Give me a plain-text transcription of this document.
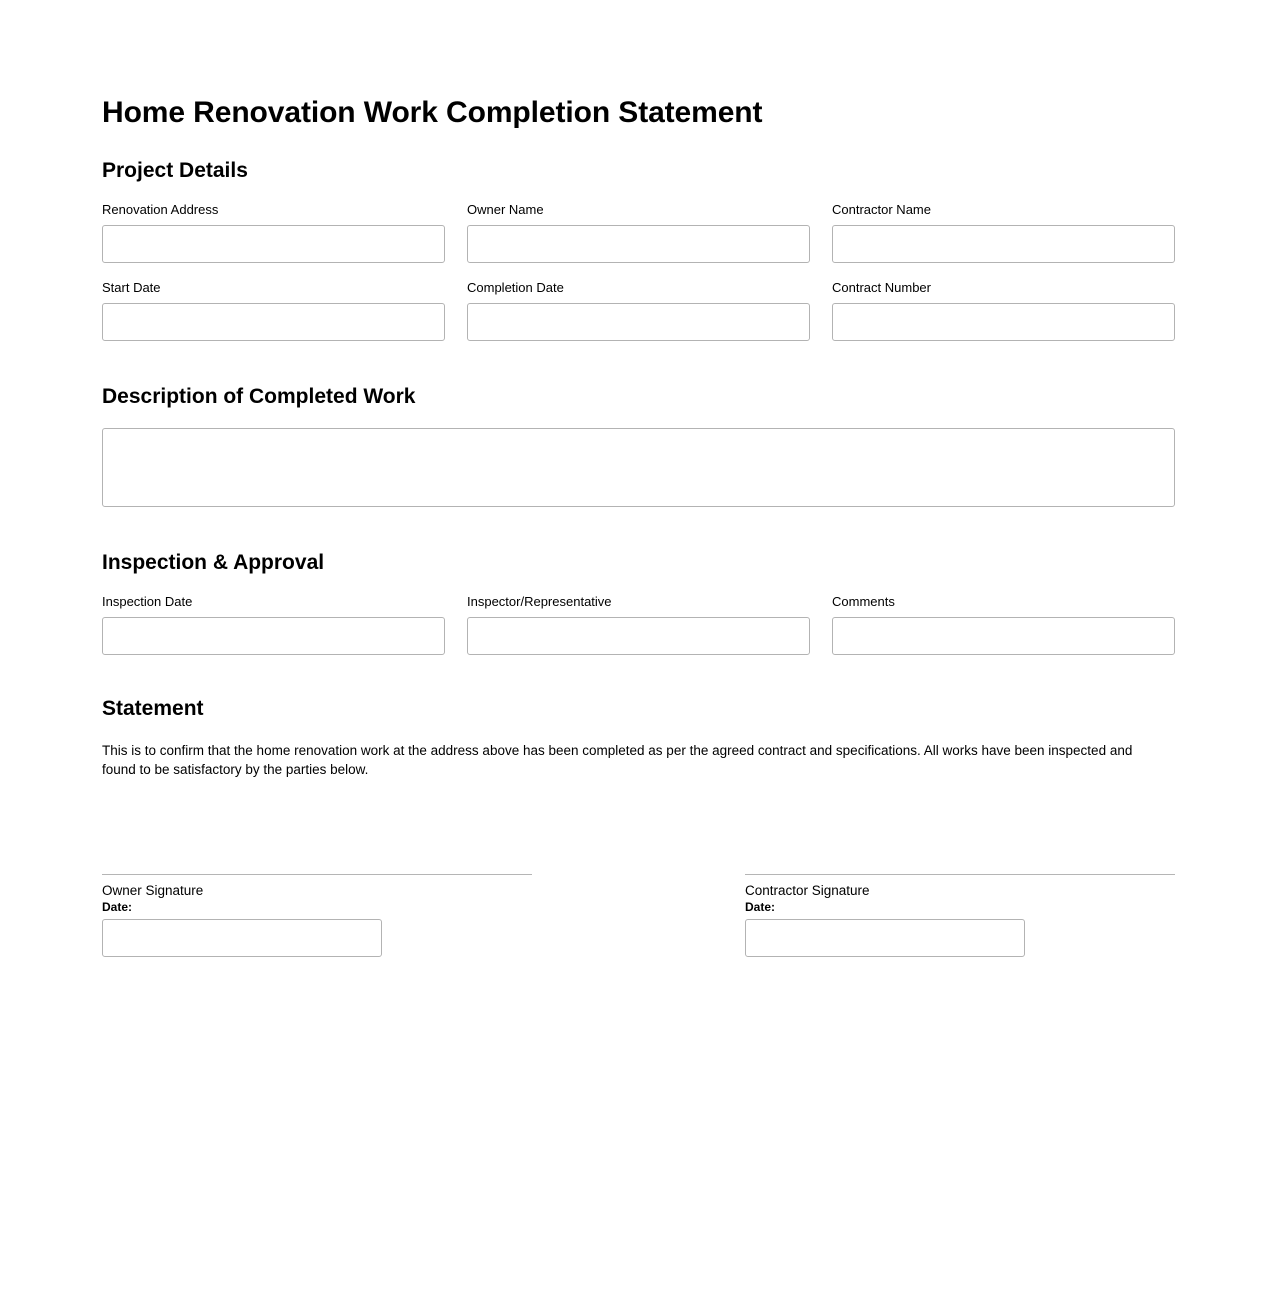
Home Renovation Work Completion Statement
Project Details
Renovation Address	Owner Name	Contractor Name
Start Date	Completion Date	Contract Number
Description of Completed Work
Inspection & Approval
Inspection Date	Inspector/Representative	Comments
Statement

This is to confirm that the home renovation work at the address above has been completed as per the agreed contract and specifications. All works have been inspected and found to be satisfactory by the parties below.

Owner Signature
Date:
Contractor Signature
Date:
